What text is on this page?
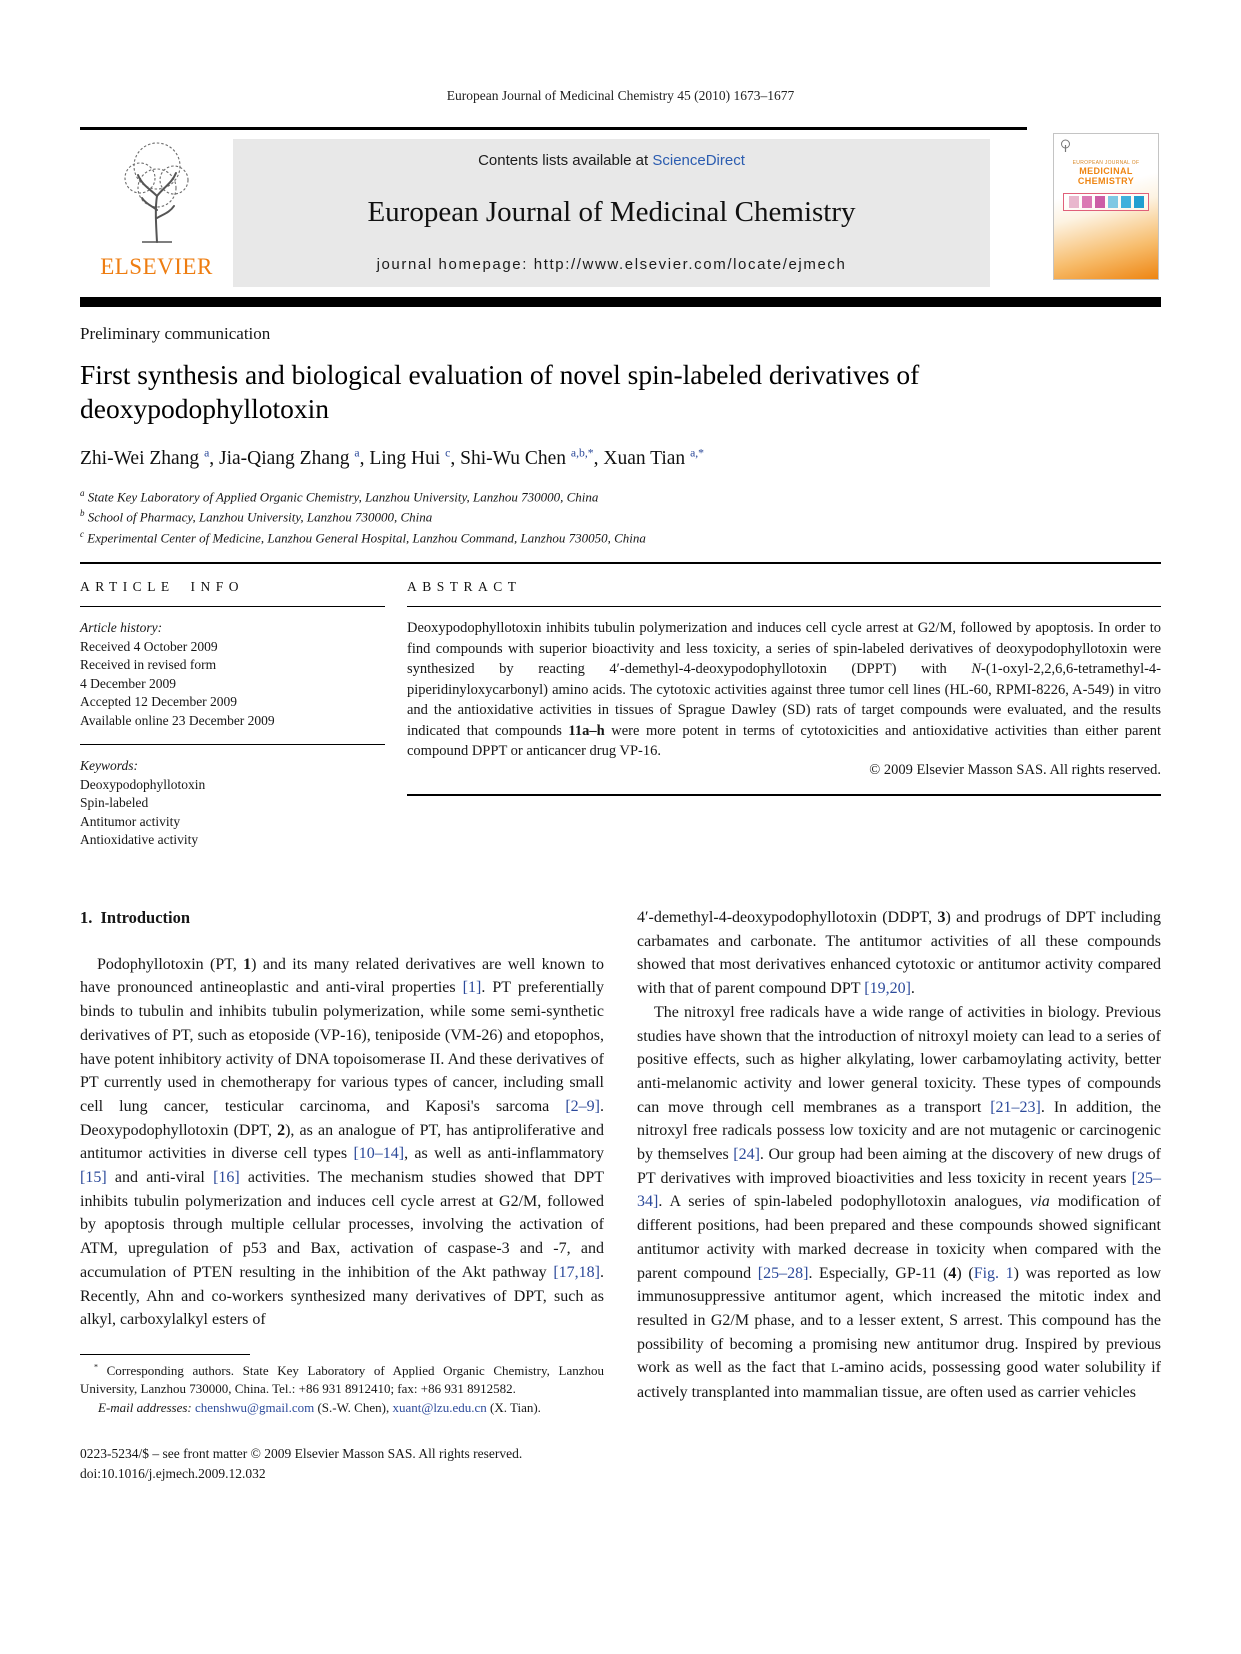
European Journal of Medicinal Chemistry 45 (2010) 1673–1677
ELSEVIER
Contents lists available at ScienceDirect
European Journal of Medicinal Chemistry
journal homepage: http://www.elsevier.com/locate/ejmech
EUROPEAN JOURNAL OF
MEDICINAL
CHEMISTRY
Preliminary communication
First synthesis and biological evaluation of novel spin-labeled derivatives of deoxypodophyllotoxin
Zhi-Wei Zhang $^a$, Jia-Qiang Zhang $^a$, Ling Hui $^c$, Shi-Wu Chen $^{a,b,*}$, Xuan Tian $^{a,*}$
$^a$ State Key Laboratory of Applied Organic Chemistry, Lanzhou University, Lanzhou 730000, China
$^b$ School of Pharmacy, Lanzhou University, Lanzhou 730000, China
$^c$ Experimental Center of Medicine, Lanzhou General Hospital, Lanzhou Command, Lanzhou 730050, China
ARTICLE INFO
Article history:
Received 4 October 2009
Received in revised form
4 December 2009
Accepted 12 December 2009
Available online 23 December 2009
Keywords:
Deoxypodophyllotoxin
Spin-labeled
Antitumor activity
Antioxidative activity
ABSTRACT

Deoxypodophyllotoxin inhibits tubulin polymerization and induces cell cycle arrest at G2/M, followed by apoptosis. In order to find compounds with superior bioactivity and less toxicity, a series of spin-labeled derivatives of deoxypodophyllotoxin were synthesized by reacting 4′-demethyl-4-deoxypodophyllotoxin (DPPT) with N-(1-oxyl-2,2,6,6-tetramethyl-4-piperidinyloxycarbonyl) amino acids. The cytotoxic activities against three tumor cell lines (HL-60, RPMI-8226, A-549) in vitro and the antioxidative activities in tissues of Sprague Dawley (SD) rats of target compounds were evaluated, and the results indicated that compounds 11a–h were more potent in terms of cytotoxicities and antioxidative activities than either parent compound DPPT or anticancer drug VP-16.

© 2009 Elsevier Masson SAS. All rights reserved.
1. Introduction

Podophyllotoxin (PT, 1) and its many related derivatives are well known to have pronounced antineoplastic and anti-viral properties [1]. PT preferentially binds to tubulin and inhibits tubulin polymerization, while some semi-synthetic derivatives of PT, such as etoposide (VP-16), teniposide (VM-26) and etopophos, have potent inhibitory activity of DNA topoisomerase II. And these derivatives of PT currently used in chemotherapy for various types of cancer, including small cell lung cancer, testicular carcinoma, and Kaposi's sarcoma [2–9]. Deoxypodophyllotoxin (DPT, 2), as an analogue of PT, has antiproliferative and antitumor activities in diverse cell types [10–14], as well as anti-inflammatory [15] and anti-viral [16] activities. The mechanism studies showed that DPT inhibits tubulin polymerization and induces cell cycle arrest at G2/M, followed by apoptosis through multiple cellular processes, involving the activation of ATM, upregulation of p53 and Bax, activation of caspase-3 and -7, and accumulation of PTEN resulting in the inhibition of the Akt pathway [17,18]. Recently, Ahn and co-workers synthesized many derivatives of DPT, such as alkyl, carboxylalkyl esters of

* Corresponding authors. State Key Laboratory of Applied Organic Chemistry, Lanzhou University, Lanzhou 730000, China. Tel.: +86 931 8912410; fax: +86 931 8912582.

E-mail addresses: chenshwu@gmail.com (S.-W. Chen), xuant@lzu.edu.cn (X. Tian).

0223-5234/$ – see front matter © 2009 Elsevier Masson SAS. All rights reserved.
doi:10.1016/j.ejmech.2009.12.032

4′-demethyl-4-deoxypodophyllotoxin (DDPT, 3) and prodrugs of DPT including carbamates and carbonate. The antitumor activities of all these compounds showed that most derivatives enhanced cytotoxic or antitumor activity compared with that of parent compound DPT [19,20].

The nitroxyl free radicals have a wide range of activities in biology. Previous studies have shown that the introduction of nitroxyl moiety can lead to a series of positive effects, such as higher alkylating, lower carbamoylating activity, better anti-melanomic activity and lower general toxicity. These types of compounds can move through cell membranes as a transport [21–23]. In addition, the nitroxyl free radicals possess low toxicity and are not mutagenic or carcinogenic by themselves [24]. Our group had been aiming at the discovery of new drugs of PT derivatives with improved bioactivities and less toxicity in recent years [25–34]. A series of spin-labeled podophyllotoxin analogues, via modification of different positions, had been prepared and these compounds showed significant antitumor activity with marked decrease in toxicity when compared with the parent compound [25–28]. Especially, GP-11 (4) (Fig. 1) was reported as low immunosuppressive antitumor agent, which increased the mitotic index and resulted in G2/M phase, and to a lesser extent, S arrest. This compound has the possibility of becoming a promising new antitumor drug. Inspired by previous work as well as the fact that L-amino acids, possessing good water solubility if actively transplanted into mammalian tissue, are often used as carrier vehicles
